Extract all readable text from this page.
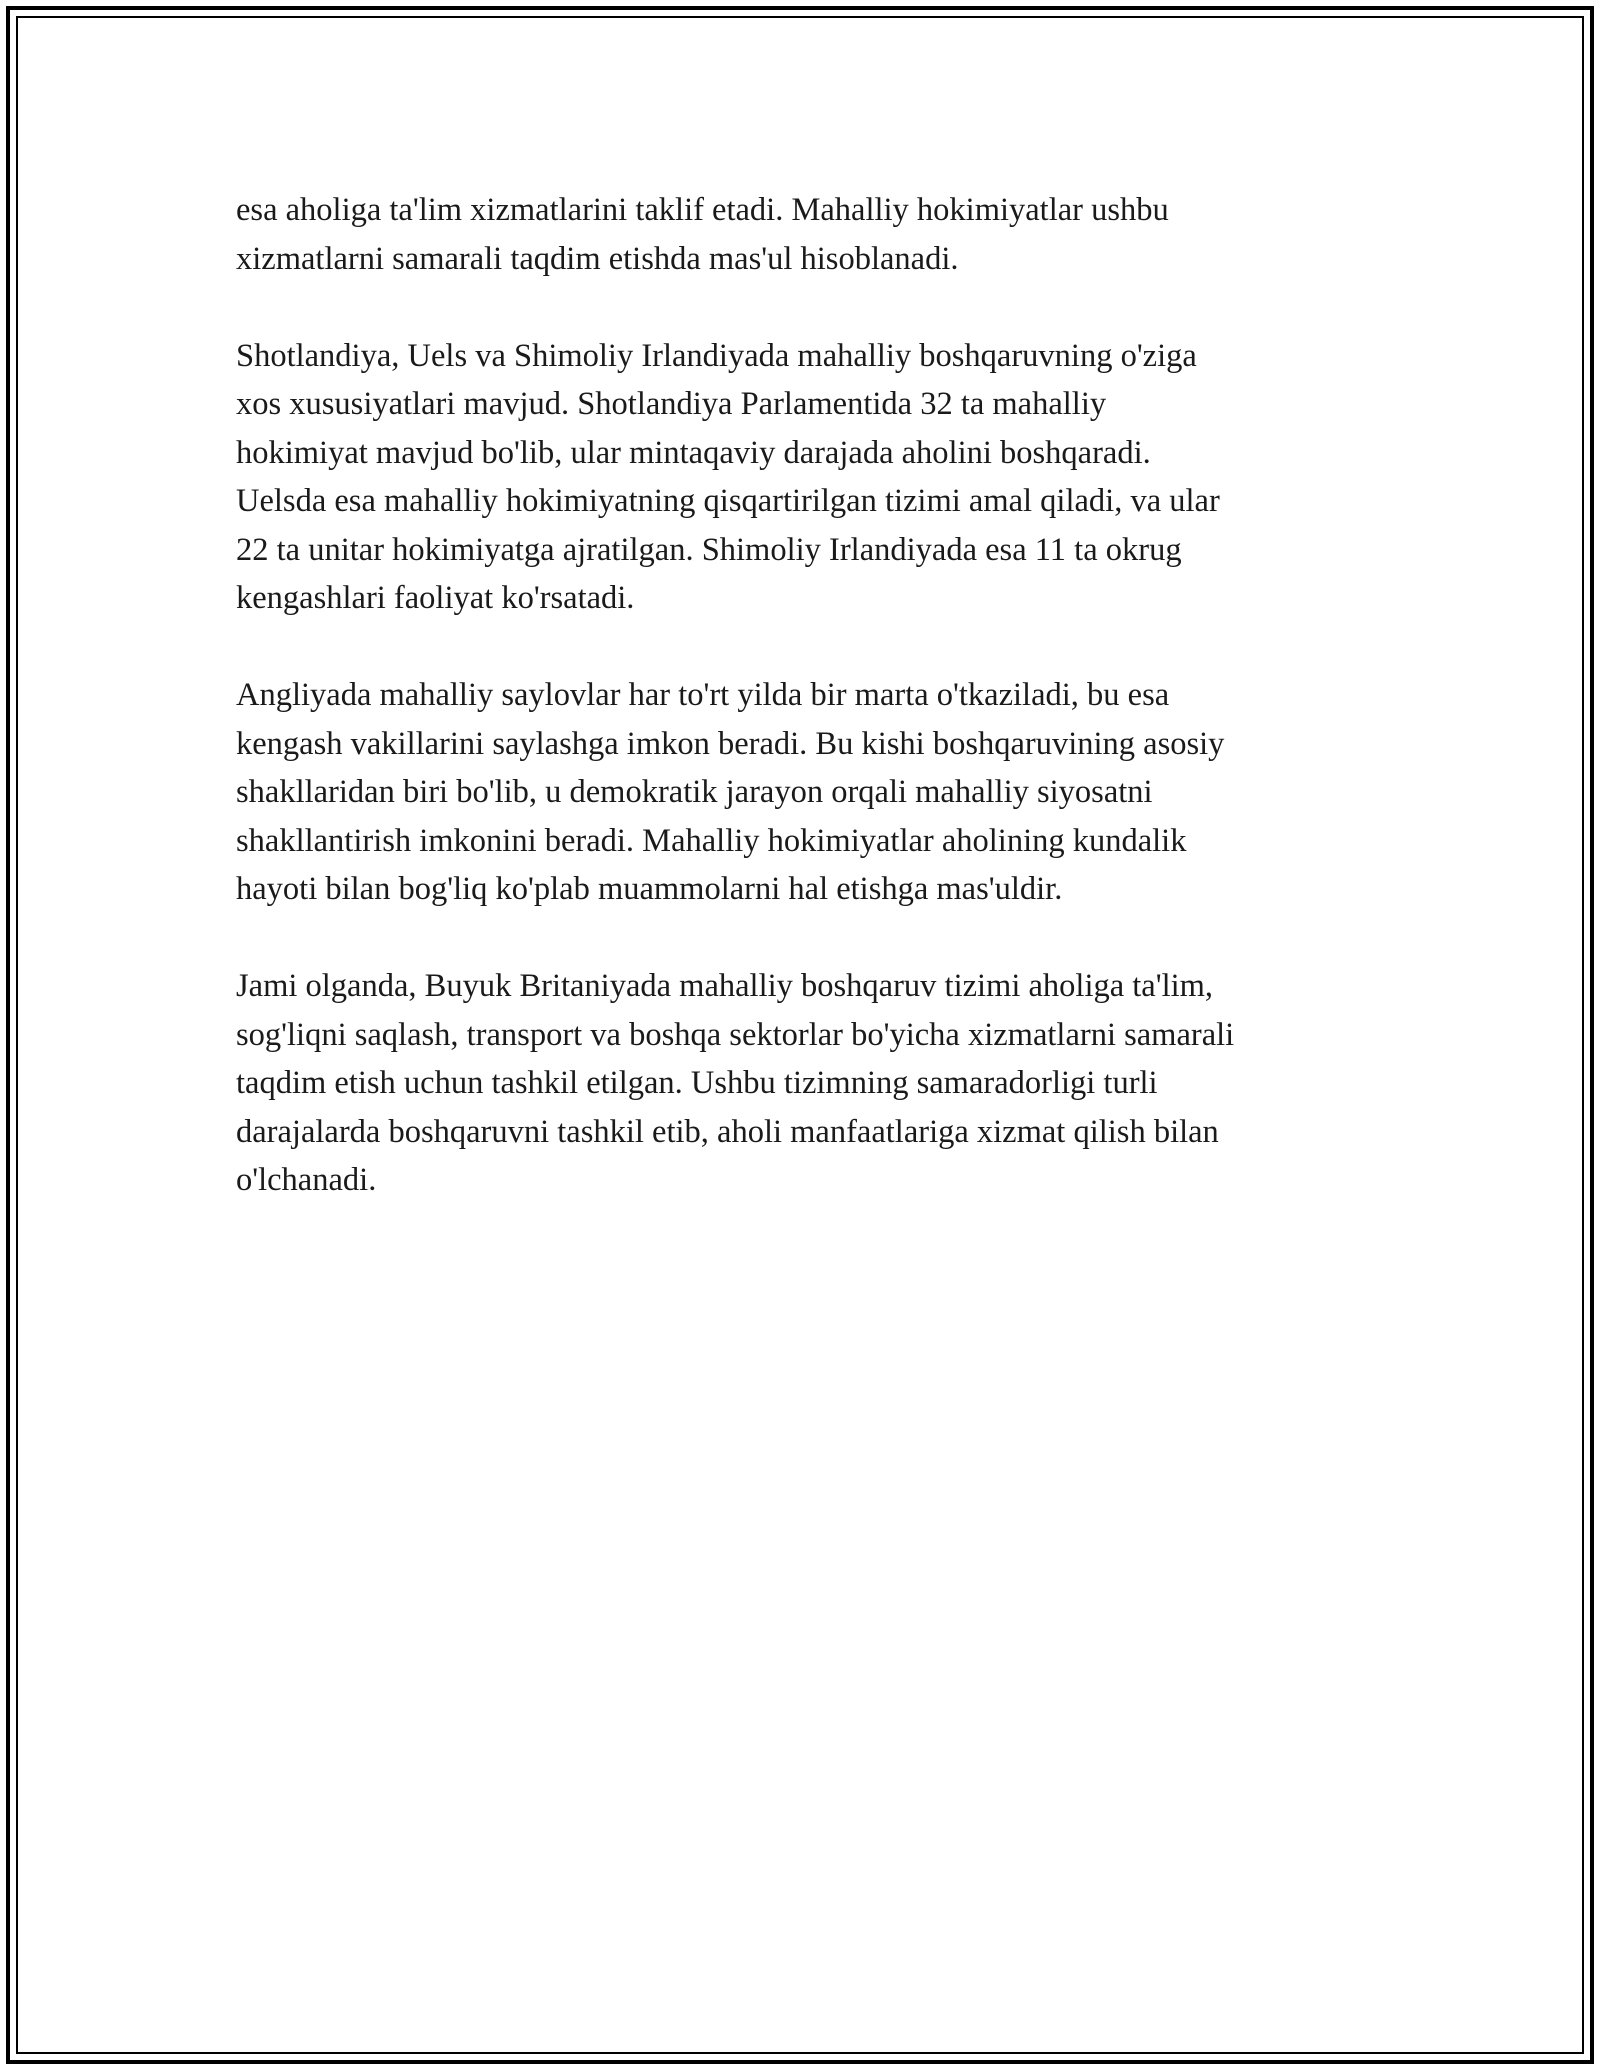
esa aholiga ta'lim xizmatlarini taklif etadi. Mahalliy hokimiyatlar ushbu
xizmatlarni samarali taqdim etishda mas'ul hisoblanadi.

Shotlandiya, Uels va Shimoliy Irlandiyada mahalliy boshqaruvning o'ziga
xos xususiyatlari mavjud. Shotlandiya Parlamentida 32 ta mahalliy
hokimiyat mavjud bo'lib, ular mintaqaviy darajada aholini boshqaradi.
Uelsda esa mahalliy hokimiyatning qisqartirilgan tizimi amal qiladi, va ular
22 ta unitar hokimiyatga ajratilgan. Shimoliy Irlandiyada esa 11 ta okrug
kengashlari faoliyat ko'rsatadi.

Angliyada mahalliy saylovlar har to'rt yilda bir marta o'tkaziladi, bu esa
kengash vakillarini saylashga imkon beradi. Bu kishi boshqaruvining asosiy
shakllaridan biri bo'lib, u demokratik jarayon orqali mahalliy siyosatni
shakllantirish imkonini beradi. Mahalliy hokimiyatlar aholining kundalik
hayoti bilan bog'liq ko'plab muammolarni hal etishga mas'uldir.

Jami olganda, Buyuk Britaniyada mahalliy boshqaruv tizimi aholiga ta'lim,
sog'liqni saqlash, transport va boshqa sektorlar bo'yicha xizmatlarni samarali
taqdim etish uchun tashkil etilgan. Ushbu tizimning samaradorligi turli
darajalarda boshqaruvni tashkil etib, aholi manfaatlariga xizmat qilish bilan
o'lchanadi.
